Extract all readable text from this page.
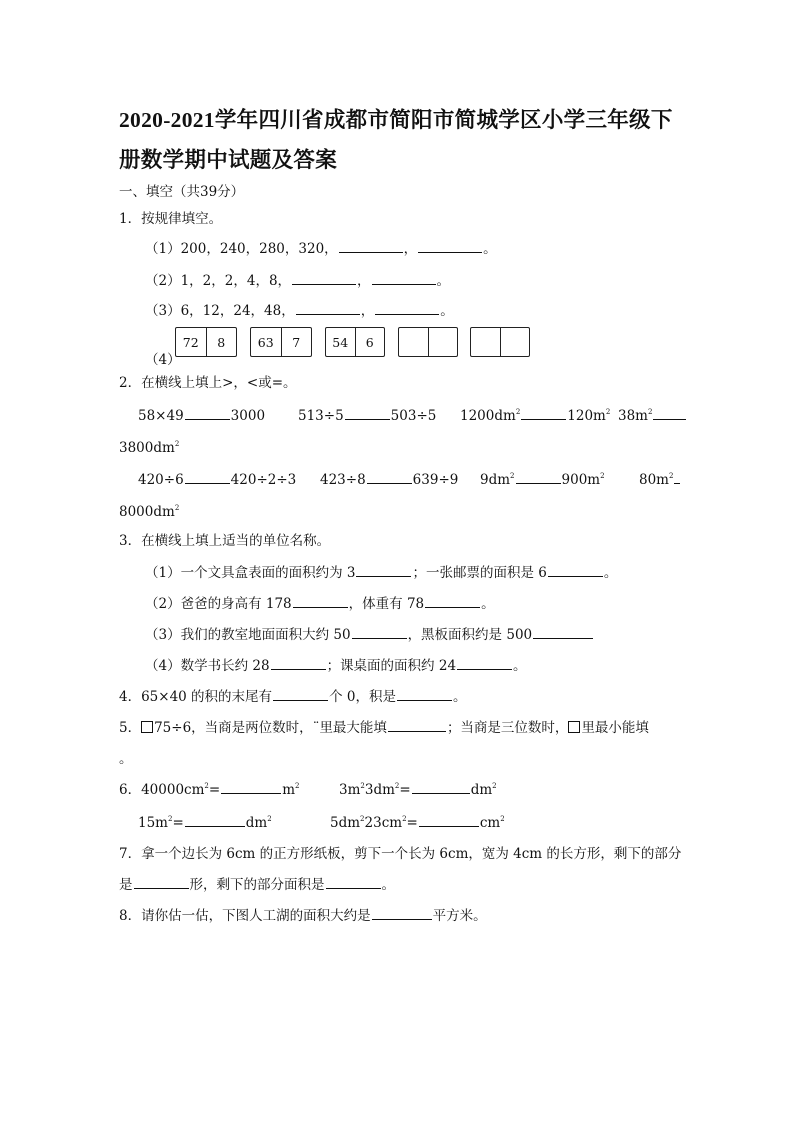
2020-2021学年四川省成都市简阳市简城学区小学三年级下册数学期中试题及答案
一、填空（共39分）
1．按规律填空。
（1）200，240，280，320，	，	。
（2）1，2，2，4，8，	，	。
（3）6，12，24，48，	，	。
（4）
72	8	63	7	54	6
2．在横线上填上>，<或=。
58×49	3000 513÷5	503÷5 $1200dm^2$	$120m^2$ $38m^2$
$3800dm^2$
420÷6	420÷2÷3 423÷8	639÷9 $9dm^2$	$900m^2$	$80m^2$
$8000dm^2$
3．在横线上填上适当的单位名称。
（1）一个文具盒表面的面积约为 3	；一张邮票的面积是 6	。
（2）爸爸的身高有 178	，体重有 78	。
（3）我们的教室地面面积大约 50	，黑板面积约是 500
（4）数学书长约 28	；课桌面的面积约 24	。
4．65×40 的积的末尾有	个 0，积是	。
5． 75÷6，当商是两位数时，¨里最大能填	；当商是三位数时， 里最小能填
。
6．$40000cm^2=$	$m^2$	$3m^23dm^2=$	$dm^2$
$15m^2=$	$dm^2$	$5dm^223cm^2=$	$cm^2$
7．拿一个边长为 6cm 的正方形纸板，剪下一个长为 6cm，宽为 4cm 的长方形，剩下的部分
是	形，剩下的部分面积是	。
8．请你估一估，下图人工湖的面积大约是	平方米。
